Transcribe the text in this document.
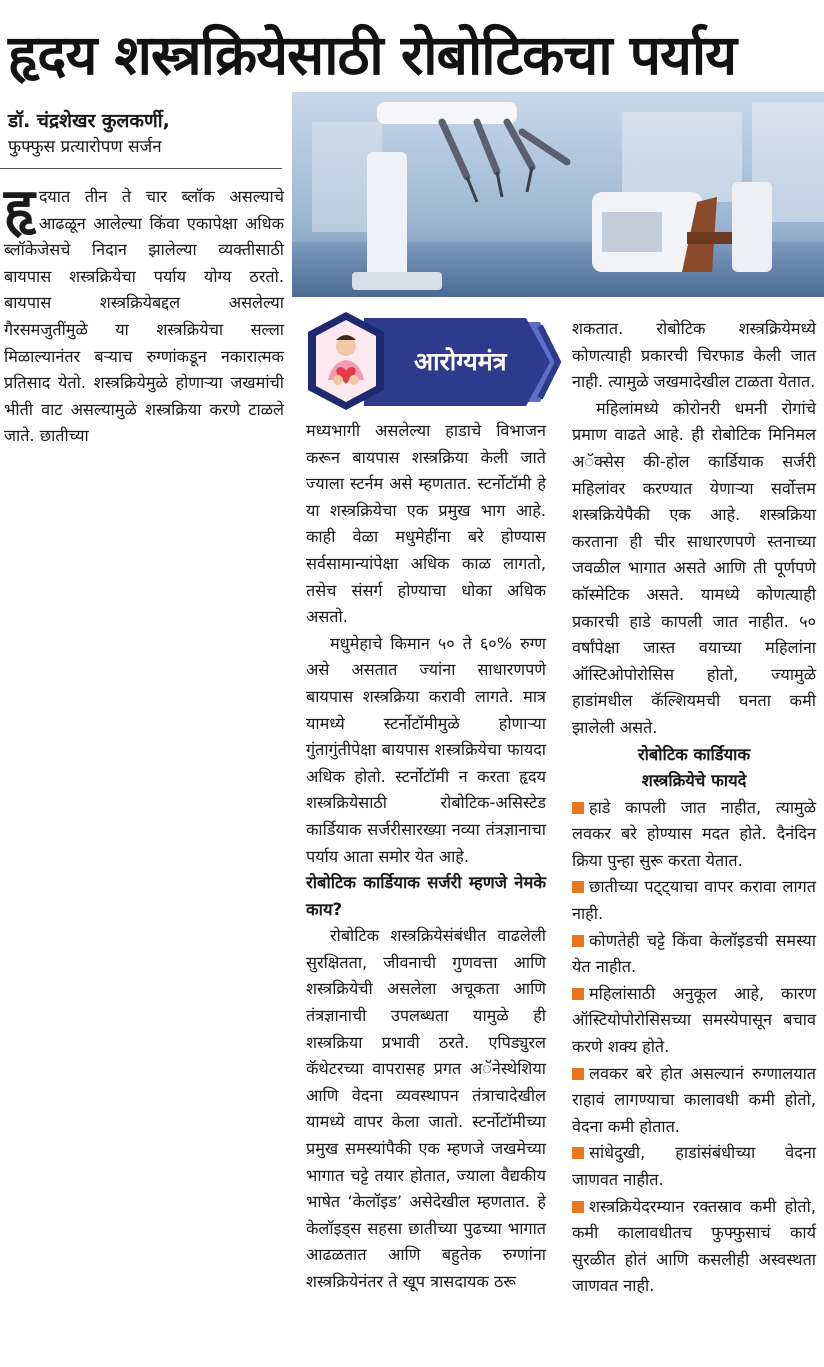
हृदय शस्त्रक्रियेसाठी रोबोटिकचा पर्याय
डॉ. चंद्रशेखर कुलकर्णी,
फुफ्फुस प्रत्यारोपण सर्जन
हृ दयात तीन ते चार ब्लॉक असल्याचे आढळून आलेल्या किंवा एकापेक्षा अधिक ब्लॉकेजेसचे निदान झालेल्या व्यक्तीसाठी बायपास शस्त्रक्रियेचा पर्याय योग्य ठरतो. बायपास शस्त्रक्रियेबद्दल असलेल्या गैरसमजुतींमुळे या शस्त्रक्रियेचा सल्ला मिळाल्यानंतर बऱ्याच रुग्णांकडून नकारात्मक प्रतिसाद येतो. शस्त्रक्रियेमुळे होणाऱ्या जखमांची भीती वाट असल्यामुळे शस्त्रक्रिया करणे टाळले जाते. छातीच्या

आरोग्यमंत्र

मध्यभागी असलेल्या हाडाचे विभाजन करून बायपास शस्त्रक्रिया केली जाते ज्याला स्टर्नम असे म्हणतात. स्टर्नोटॉमी हे या शस्त्रक्रियेचा एक प्रमुख भाग आहे. काही वेळा मधुमेहींना बरे होण्यास सर्वसामान्यांपेक्षा अधिक काळ लागतो, तसेच संसर्ग होण्याचा धोका अधिक असतो.

मधुमेहाचे किमान ५० ते ६०% रुग्ण असे असतात ज्यांना साधारणपणे बायपास शस्त्रक्रिया करावी लागते. मात्र यामध्ये स्टर्नोटॉमीमुळे होणाऱ्या गुंतागुंतीपेक्षा बायपास शस्त्रक्रियेचा फायदा अधिक होतो. स्टर्नोटॉमी न करता हृदय शस्त्रक्रियेसाठी रोबोटिक-असिस्टेड कार्डियाक सर्जरीसारख्या नव्या तंत्रज्ञानाचा पर्याय आता समोर येत आहे.

रोबोटिक कार्डियाक सर्जरी म्हणजे नेमके काय?

रोबोटिक शस्त्रक्रियेसंबंधीत वाढलेली सुरक्षितता, जीवनाची गुणवत्ता आणि शस्त्रक्रियेची असलेला अचूकता आणि तंत्रज्ञानाची उपलब्धता यामुळे ही शस्त्रक्रिया प्रभावी ठरते. एपिड्युरल कॅथेटरच्या वापरासह प्रगत अॅनेस्थेशिया आणि वेदना व्यवस्थापन तंत्राचादेखील यामध्ये वापर केला जातो. स्टर्नोटॉमीच्या प्रमुख समस्यांपैकी एक म्हणजे जखमेच्या भागात चट्टे तयार होतात, ज्याला वैद्यकीय भाषेत ‘केलॉइड’ असेदेखील म्हणतात. हे केलॉइड्स सहसा छातीच्या पुढच्या भागात आढळतात आणि बहुतेक रुग्णांना शस्त्रक्रियेनंतर ते खूप त्रासदायक ठरू

शकतात. रोबोटिक शस्त्रक्रियेमध्ये कोणत्याही प्रकारची चिरफाड केली जात नाही. त्यामुळे जखमादेखील टाळता येतात.

महिलांमध्ये कोरोनरी धमनी रोगांचे प्रमाण वाढते आहे. ही रोबोटिक मिनिमल अॅक्सेस की-होल कार्डियाक सर्जरी महिलांवर करण्यात येणाऱ्या सर्वोत्तम शस्त्रक्रियेपैकी एक आहे. शस्त्रक्रिया करताना ही चीर साधारणपणे स्तनाच्या जवळील भागात असते आणि ती पूर्णपणे कॉस्मेटिक असते. यामध्ये कोणत्याही प्रकारची हाडे कापली जात नाहीत. ५० वर्षांपेक्षा जास्त वयाच्या महिलांना ऑस्टिओपोरोसिस होतो, ज्यामुळे हाडांमधील कॅल्शियमची घनता कमी झालेली असते.

रोबोटिक कार्डियाक

शस्त्रक्रियेचे फायदे

हाडे कापली जात नाहीत, त्यामुळे लवकर बरे होण्यास मदत होते. दैनंदिन क्रिया पुन्हा सुरू करता येतात.

छातीच्या पट्ट्याचा वापर करावा लागत नाही.

कोणतेही चट्टे किंवा केलॉइडची समस्या येत नाहीत.

महिलांसाठी अनुकूल आहे, कारण ऑस्टियोपोरोसिसच्या समस्येपासून बचाव करणे शक्य होते.

लवकर बरे होत असल्यानं रुग्णालयात राहावं लागण्याचा कालावधी कमी होतो, वेदना कमी होतात.

सांधेदुखी, हाडांसंबंधीच्या वेदना जाणवत नाहीत.

शस्त्रक्रियेदरम्यान रक्तस्राव कमी होतो, कमी कालावधीतच फुफ्फुसाचं कार्य सुरळीत होतं आणि कसलीही अस्वस्थता जाणवत नाही.
